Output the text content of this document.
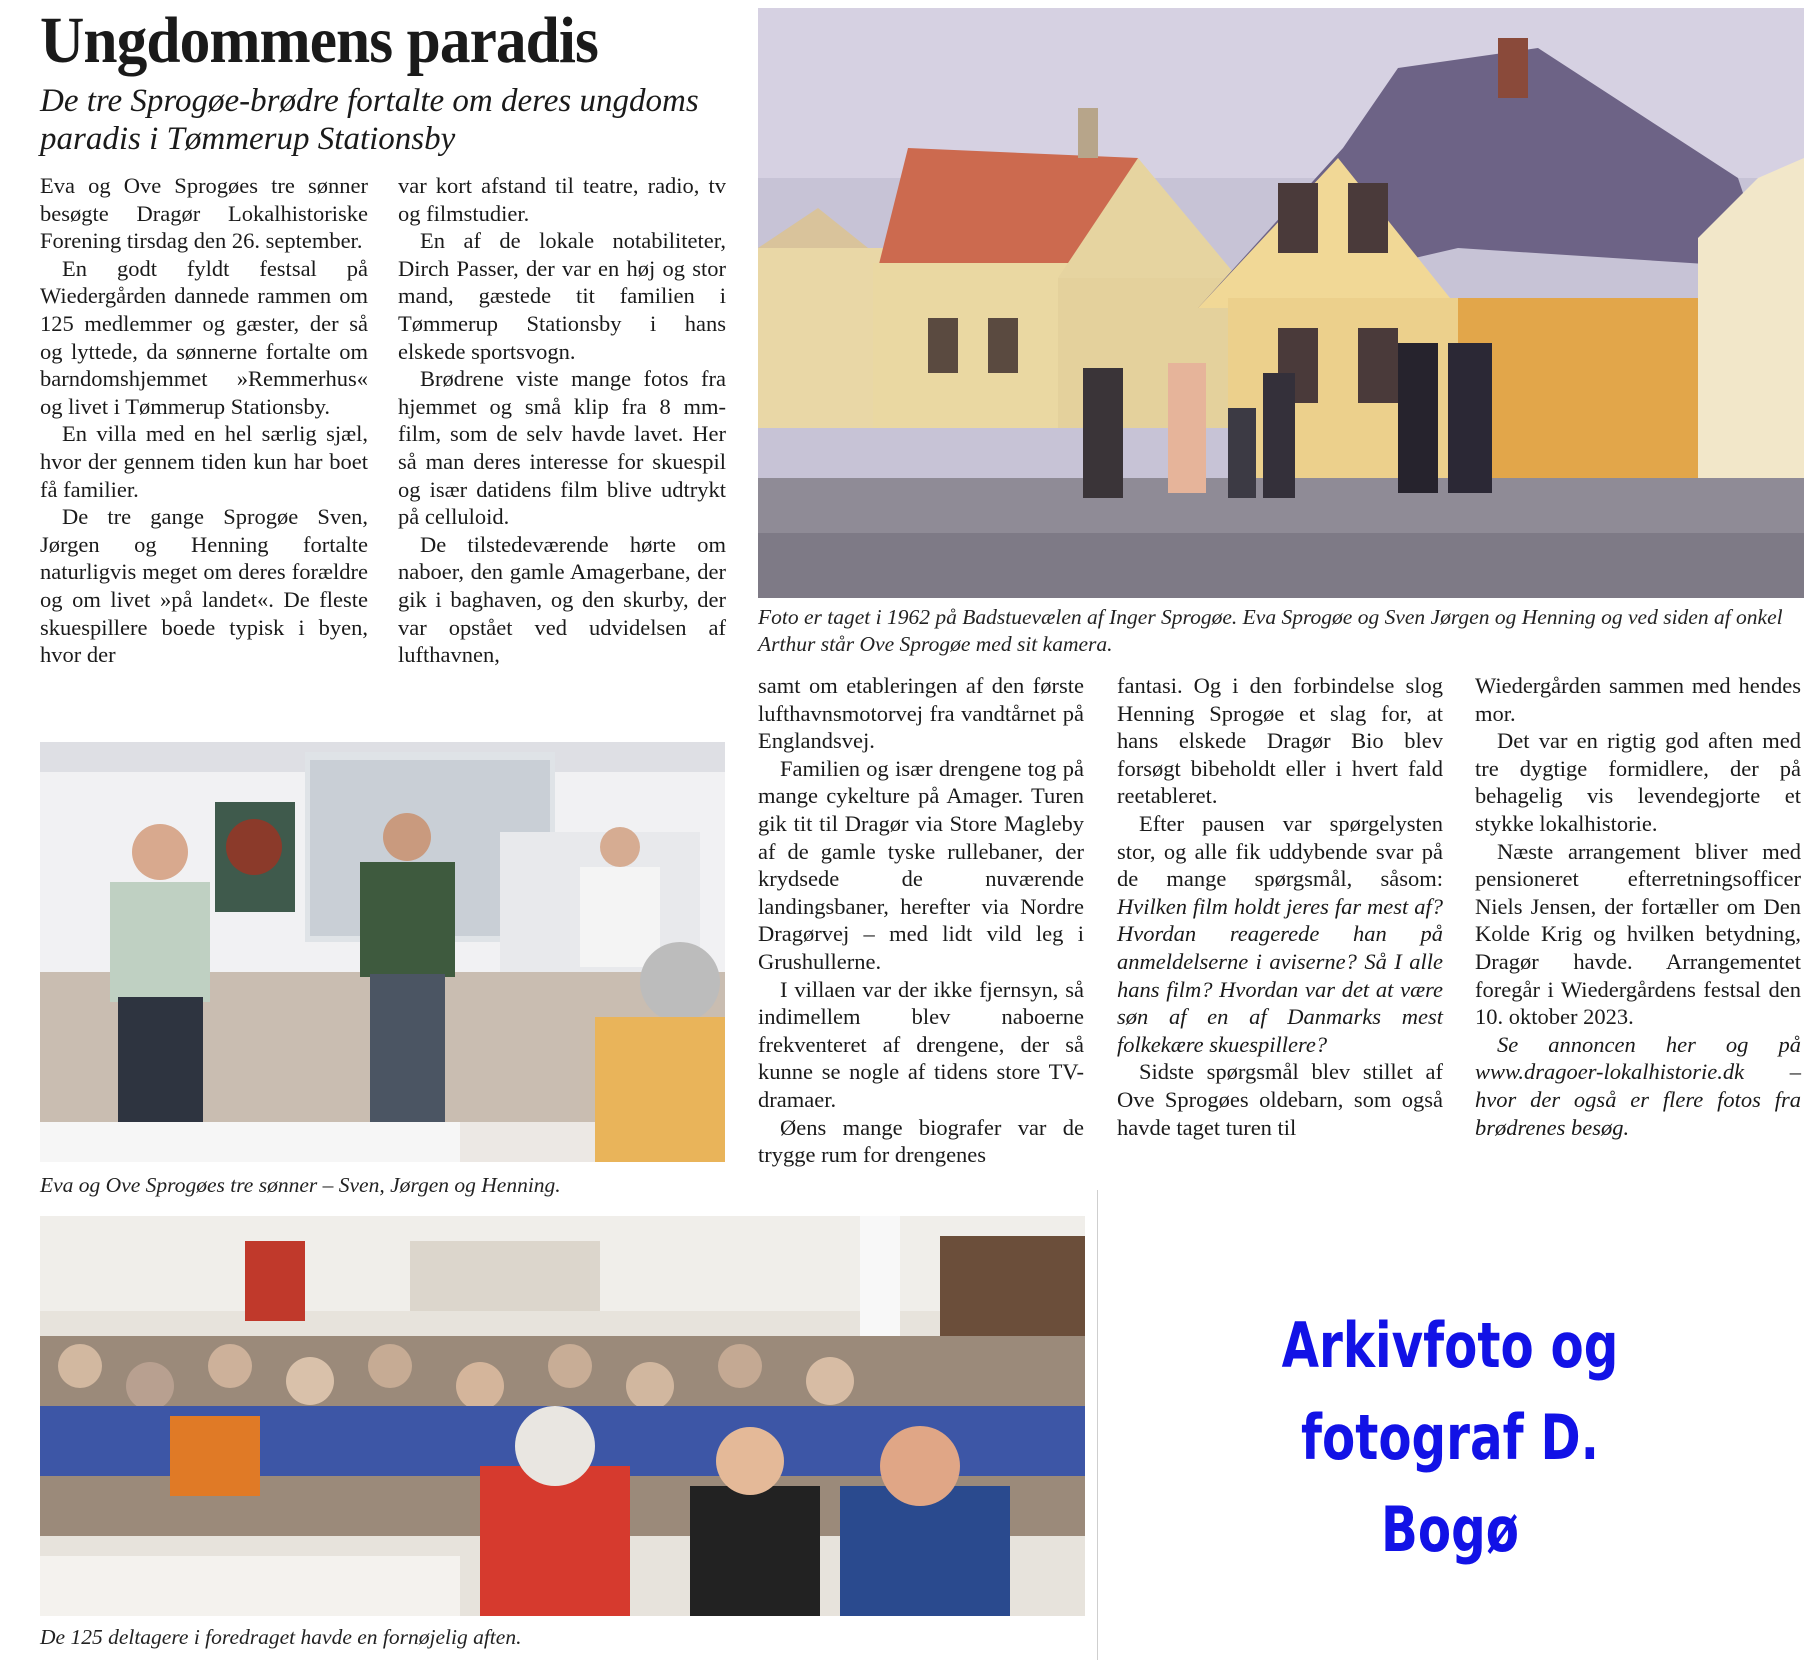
Ungdommens paradis
De tre Sprogøe-brødre fortalte om deres ungdoms paradis i Tømmerup Stationsby

Eva og Ove Sprogøes tre sønner besøgte Dragør Lokalhistoriske Forening tirsdag den 26. september.

En godt fyldt festsal på Wiedergården dannede rammen om 125 medlemmer og gæster, der så og lyttede, da sønnerne fortalte om barndomshjemmet »Remmerhus« og livet i Tømmerup Stationsby.

En villa med en hel særlig sjæl, hvor der gennem tiden kun har boet få familier.

De tre gange Sprogøe Sven, Jørgen og Henning fortalte naturligvis meget om deres forældre og om livet »på landet«. De fleste skuespillere boede typisk i byen, hvor der

var kort afstand til teatre, radio, tv og filmstudier.

En af de lokale notabiliteter, Dirch Passer, der var en høj og stor mand, gæstede tit familien i Tømmerup Stationsby i hans elskede sportsvogn.

Brødrene viste mange fotos fra hjemmet og små klip fra 8 mm-film, som de selv havde lavet. Her så man deres interesse for skuespil og især datidens film blive udtrykt på celluloid.

De tilstedeværende hørte om naboer, den gamle Amagerbane, der gik i baghaven, og den skurby, der var opstået ved udvidelsen af lufthavnen,

Foto er taget i 1962 på Badstuevælen af Inger Sprogøe. Eva Sprogøe og Sven Jørgen og Henning og ved siden af onkel Arthur står Ove Sprogøe med sit kamera.
Eva og Ove Sprogøes tre sønner – Sven, Jørgen og Henning.

samt om etableringen af den første lufthavnsmotorvej fra vandtårnet på Englandsvej.

Familien og især drengene tog på mange cykelture på Amager. Turen gik tit til Dragør via Store Magleby af de gamle tyske rullebaner, der krydsede de nuværende landingsbaner, herefter via Nordre Dragørvej – med lidt vild leg i Grushullerne.

I villaen var der ikke fjernsyn, så indimellem blev naboerne frekventeret af drengene, der så kunne se nogle af tidens store TV-dramaer.

Øens mange biografer var de trygge rum for drengenes

fantasi. Og i den forbindelse slog Henning Sprogøe et slag for, at hans elskede Dragør Bio blev forsøgt bibeholdt eller i hvert fald reetableret.

Efter pausen var spørgelysten stor, og alle fik uddybende svar på de mange spørgsmål, såsom: Hvilken film holdt jeres far mest af? Hvordan reagerede han på anmeldelserne i aviserne? Så I alle hans film? Hvordan var det at være søn af en af Danmarks mest folkekære skuespillere?

Sidste spørgsmål blev stillet af Ove Sprogøes oldebarn, som også havde taget turen til

Wiedergården sammen med hendes mor.

Det var en rigtig god aften med tre dygtige formidlere, der på behagelig vis levendegjorte et stykke lokalhistorie.

Næste arrangement bliver med pensioneret efterretningsofficer Niels Jensen, der fortæller om Den Kolde Krig og hvilken betydning, Dragør havde. Arrangementet foregår i Wiedergårdens festsal den 10. oktober 2023.

Se annoncen her og på www.dragoer-lokalhistorie.dk – hvor der også er flere fotos fra brødrenes besøg.

De 125 deltagere i foredraget havde en fornøjelig aften.
Arkivfoto og
fotograf D. Bogø
